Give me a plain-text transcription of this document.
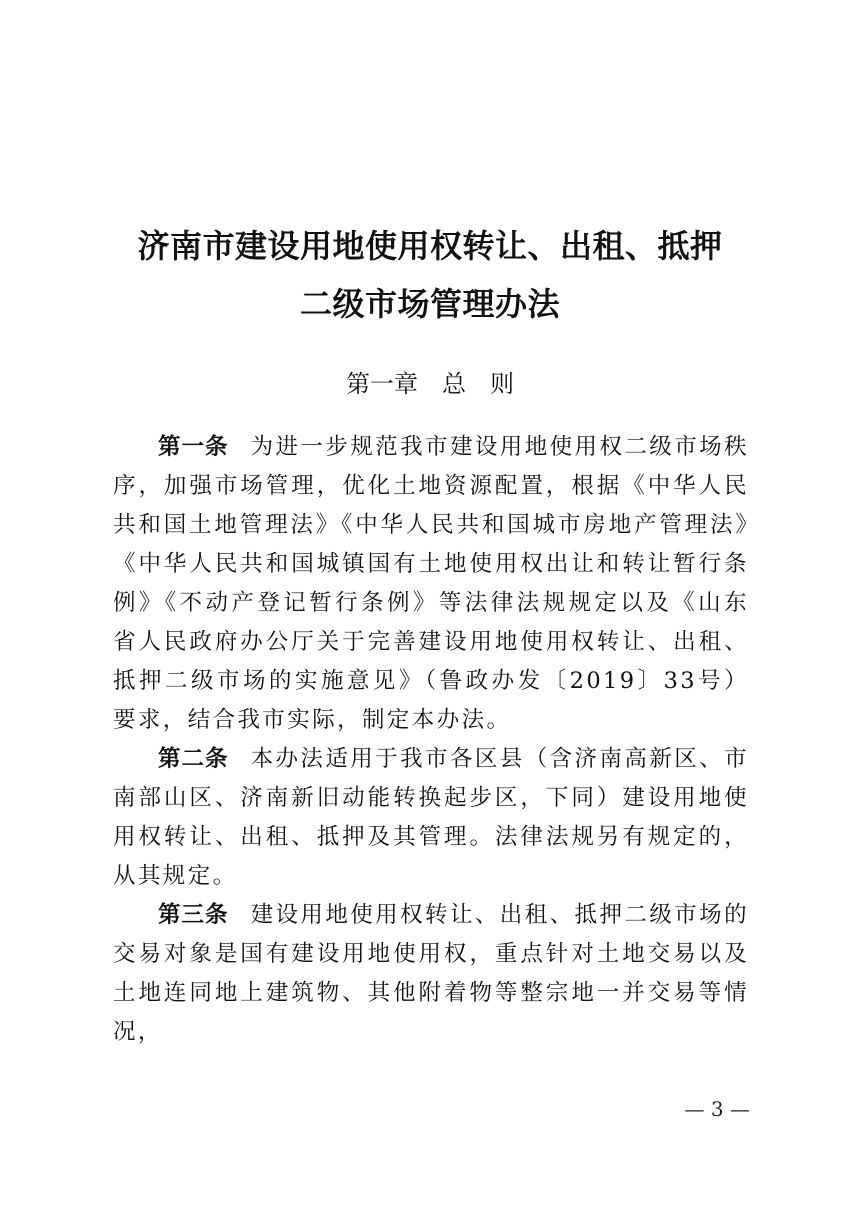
济南市建设用地使用权转让、出租、抵押
二级市场管理办法
第一章　总　则

第一条 为进一步规范我市建设用地使用权二级市场秩序，加强市场管理，优化土地资源配置，根据《中华人民共和国土地管理法》《中华人民共和国城市房地产管理法》《中华人民共和国城镇国有土地使用权出让和转让暂行条例》《不动产登记暂行条例》等法律法规规定以及《山东省人民政府办公厅关于完善建设用地使用权转让、出租、抵押二级市场的实施意见》（鲁政办发〔2019〕33号）要求，结合我市实际，制定本办法。

第二条 本办法适用于我市各区县（含济南高新区、市南部山区、济南新旧动能转换起步区，下同）建设用地使用权转让、出租、抵押及其管理。法律法规另有规定的，从其规定。

第三条 建设用地使用权转让、出租、抵押二级市场的交易对象是国有建设用地使用权，重点针对土地交易以及土地连同地上建筑物、其他附着物等整宗地一并交易等情况，

— 3 —
